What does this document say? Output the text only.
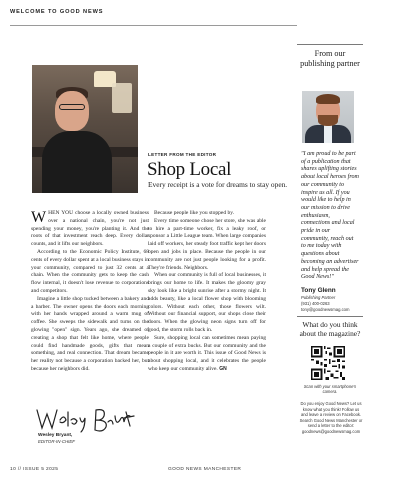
WELCOME TO GOOD NEWS
LETTER FROM THE EDITOR
Shop Local
Every receipt is a vote for dreams to stay open.

WHEN YOU choose a locally owned business over a national chain, you're not just spending your money, you're planting it. And the roots of that investment reach deep. Every dollar counts, and it lifts our neighbors.

According to the Economic Policy Institute, 68 cents of every dollar spent at a local business stays in your community, compared to just 32 cents at a chain. When the community gets to keep the cash flow internal, it doesn't lose revenue to corporations and competitors.

Imagine a little shop tucked between a bakery and a barber. The owner opens the doors each morning with her hands wrapped around a warm mug of coffee. She sweeps the sidewalk and turns on the glowing "open" sign. Years ago, she dreamed of creating a shop that felt like home, where people could find handmade goods, gifts that mean something, and real connection. That dream became her reality not because a corporation backed her, but because her neighbors did.

Because people like you stopped by.

Every time someone chose her store, she was able to hire a part-time worker, fix a leaky roof, or sponsor a Little League team. When large companies laid off workers, her steady foot traffic kept her doors open and jobs in place. Because the people in our community are not just people looking for a profit. They're friends. Neighbors.

When our community is full of local businesses, it brings our home to life. It makes the gloomy gray sky look like a bright sunrise after a stormy night. It adds beauty, like a local flower shop with blooming colors. Without each other, those flowers wilt. Without our financial support, our shops close their doors. When the glowing neon signs turn off for good, the storm rolls back in.

Sure, shopping local can sometimes mean paying a couple of extra bucks. But our community and the people in it are worth it. This issue of Good News is about shopping local, and it celebrates the people who keep our community alive. GN

Wesley Bryant,
EDITOR-IN-CHIEF
From our publishing partner
"I am proud to be part of a publication that shares uplifting stories about local heroes from our community to inspire us all. If you would like to help in our mission to drive enthusiasm, connections and local pride in our community, reach out to me today with questions about becoming an advertiser and help spread the Good News!"
Tony Glenn
Publishing Partner
(931) 400-0263
tony@goodnewsmag.com
What do you think about the magazine?
Scan with your smartphone's camera.
Do you enjoy Good News? Let us know what you think! Follow us and leave a review on Facebook. Search Good News Manchester or send a letter to the editor: goodnews@goodnewsmag.com
10 // ISSUE 5 2025	GOOD NEWS MANCHESTER
